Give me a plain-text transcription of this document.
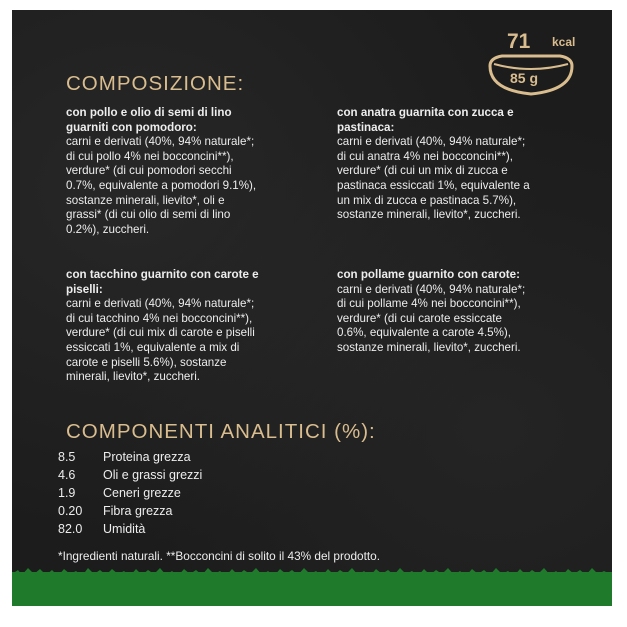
71 kcal
85 g
COMPOSIZIONE:
con pollo e olio di semi di lino
guarniti con pomodoro:
carni e derivati (40%, 94% naturale*;
di cui pollo 4% nei bocconcini**),
verdure* (di cui pomodori secchi
0.7%, equivalente a pomodori 9.1%),
sostanze minerali, lievito*, oli e
grassi* (di cui olio di semi di lino
0.2%), zuccheri.
con anatra guarnita con zucca e
pastinaca:
carni e derivati (40%, 94% naturale*;
di cui anatra 4% nei bocconcini**),
verdure* (di cui un mix di zucca e
pastinaca essiccati 1%, equivalente a
un mix di zucca e pastinaca 5.7%),
sostanze minerali, lievito*, zuccheri.
con tacchino guarnito con carote e
piselli:
carni e derivati (40%, 94% naturale*;
di cui tacchino 4% nei bocconcini**),
verdure* (di cui mix di carote e piselli
essiccati 1%, equivalente a mix di
carote e piselli 5.6%), sostanze
minerali, lievito*, zuccheri.
con pollame guarnito con carote:
carni e derivati (40%, 94% naturale*;
di cui pollame 4% nei bocconcini**),
verdure* (di cui carote essiccate
0.6%, equivalente a carote 4.5%),
sostanze minerali, lievito*, zuccheri.
COMPONENTI ANALITICI (%):
8.5 Proteina grezza
4.6 Oli e grassi grezzi
1.9 Ceneri grezze
0.20 Fibra grezza
82.0 Umidità
*Ingredienti naturali. **Bocconcini di solito il 43% del prodotto.
